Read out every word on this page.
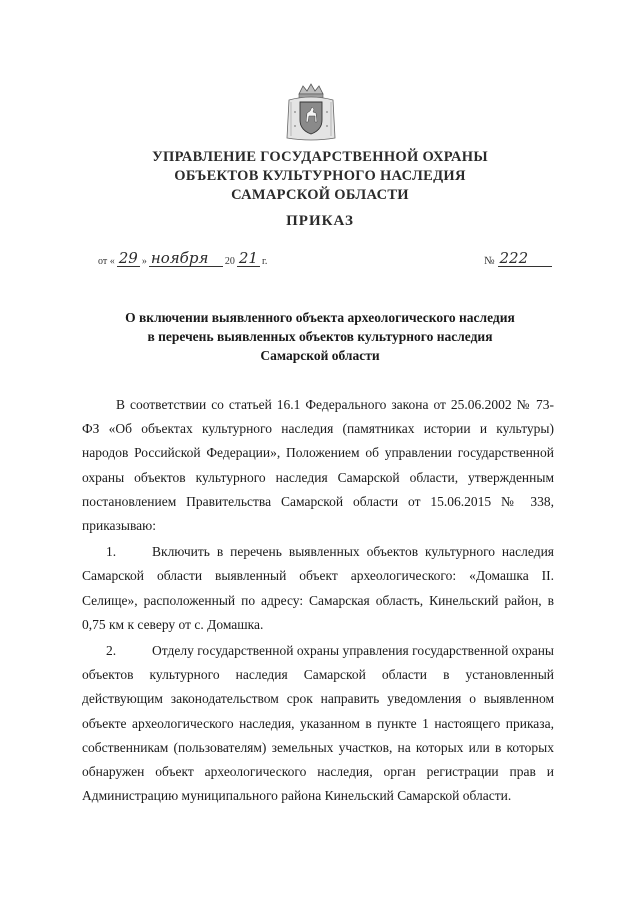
УПРАВЛЕНИЕ ГОСУДАРСТВЕННОЙ ОХРАНЫ
ОБЪЕКТОВ КУЛЬТУРНОГО НАСЛЕДИЯ
САМАРСКОЙ ОБЛАСТИ
ПРИКАЗ
от « 29 » ноября	20 21 г.	№ 222
О включении выявленного объекта археологического наследия
в перечень выявленных объектов культурного наследия
Самарской области

В соответствии со статьей 16.1 Федерального закона от 25.06.2002 № 73-ФЗ «Об объектах культурного наследия (памятниках истории и культуры) народов Российской Федерации», Положением об управлении государственной охраны объектов культурного наследия Самарской области, утвержденным постановлением Правительства Самарской области от 15.06.2015 № 338, приказываю:

1.	Включить в перечень выявленных объектов культурного наследия Самарской области выявленный объект археологического: «Домашка II. Селище», расположенный по адресу: Самарская область, Кинельский район, в 0,75 км к северу от с. Домашка.

2.	Отделу государственной охраны управления государственной охраны объектов культурного наследия Самарской области в установленный действующим законодательством срок направить уведомления о выявленном объекте археологического наследия, указанном в пункте 1 настоящего приказа, собственникам (пользователям) земельных участков, на которых или в которых обнаружен объект археологического наследия, орган регистрации прав и Администрацию муниципального района Кинельский Самарской области.
